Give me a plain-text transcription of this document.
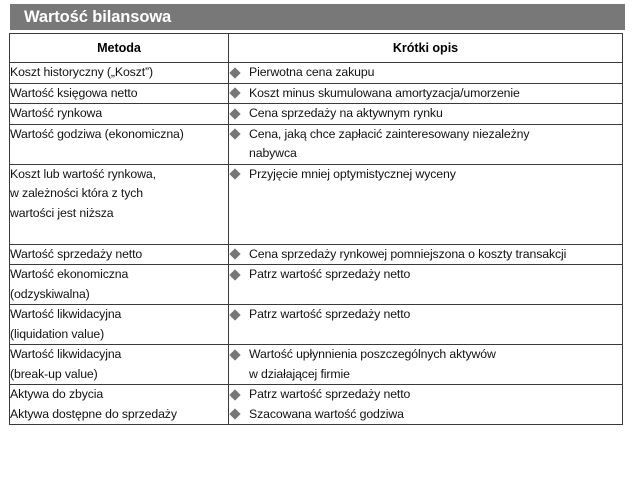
Wartość bilansowa
Metoda	Krótki opis

Koszt historyczny („Koszt”)	Pierwotna cena zakupu

Wartość księgowa netto	Koszt minus skumulowana amortyzacja/umorzenie

Wartość rynkowa	Cena sprzedaży na aktywnym rynku

Wartość godziwa (ekonomiczna)	Cena, jaką chce zapłacić zainteresowany niezależny
nabywca

Koszt lub wartość rynkowa,
w zależności która z tych
wartości jest niższa	Przyjęcie mniej optymistycznej wyceny

Wartość sprzedaży netto	Cena sprzedaży rynkowej pomniejszona o koszty transakcji

Wartość ekonomiczna
(odzyskiwalna)	Patrz wartość sprzedaży netto

Wartość likwidacyjna
(liquidation value)	Patrz wartość sprzedaży netto

Wartość likwidacyjna
(break-up value)	Wartość upłynnienia poszczególnych aktywów
w działającej firmie

Aktywa do zbycia	Patrz wartość sprzedaży netto

Aktywa dostępne do sprzedaży	Szacowana wartość godziwa
